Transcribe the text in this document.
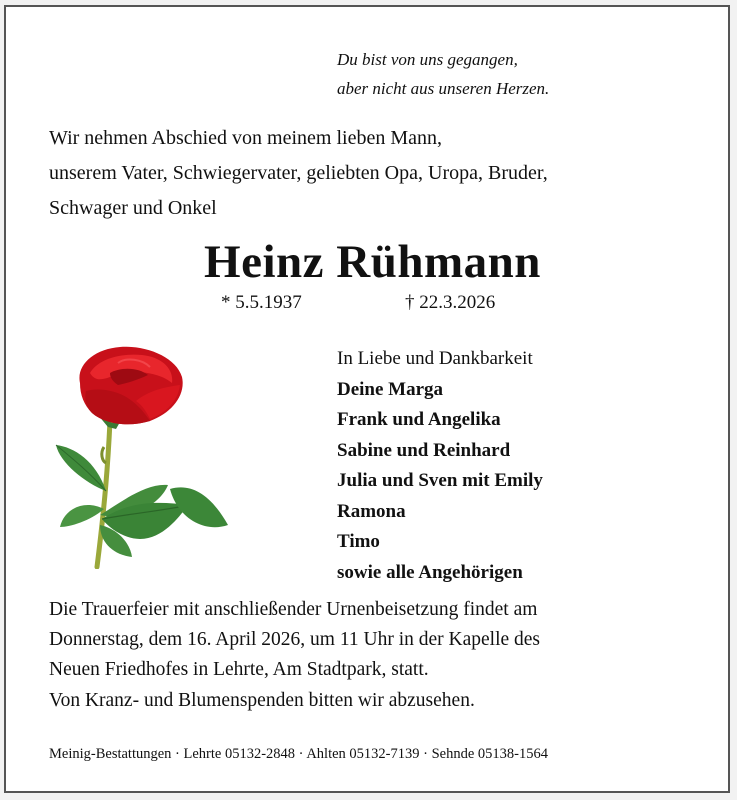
Du bist von uns gegangen,
aber nicht aus unseren Herzen.
Wir nehmen Abschied von meinem lieben Mann,
unserem Vater, Schwiegervater, geliebten Opa, Uropa, Bruder,
Schwager und Onkel
Heinz Rühmann
* 5.5.1937	† 22.3.2026
In Liebe und Dankbarkeit
Deine Marga
Frank und Angelika
Sabine und Reinhard
Julia und Sven mit Emily
Ramona
Timo
sowie alle Angehörigen
Die Trauerfeier mit anschließender Urnenbeisetzung findet am
Donnerstag, dem 16. April 2026, um 11 Uhr in der Kapelle des
Neuen Friedhofes in Lehrte, Am Stadtpark, statt.
Von Kranz- und Blumenspenden bitten wir abzusehen.
Meinig-Bestattungen · Lehrte 05132-2848 · Ahlten 05132-7139 · Sehnde 05138-1564
